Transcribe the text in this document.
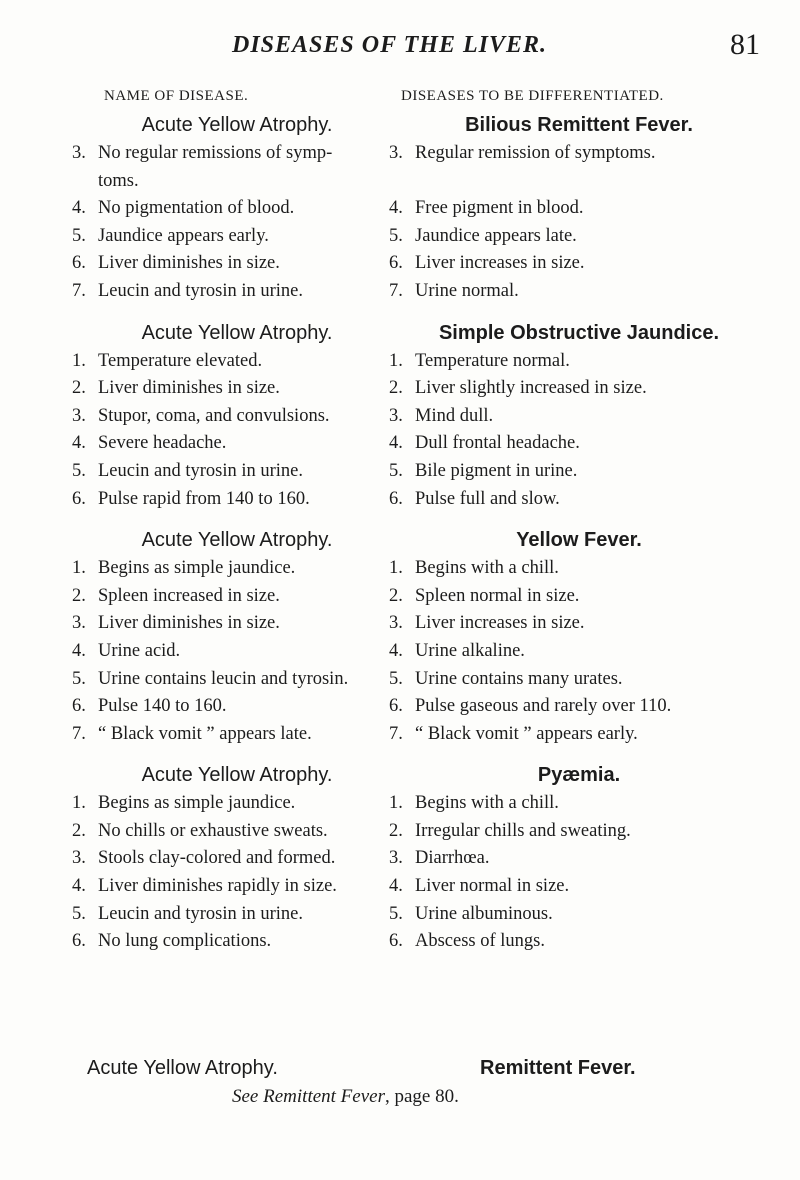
DISEASES OF THE LIVER.	81
NAME OF DISEASE.
Acute Yellow Atrophy.
3. No regular remissions of symp-
toms.
4. No pigmentation of blood.
5. Jaundice appears early.
6. Liver diminishes in size.
7. Leucin and tyrosin in urine.
Acute Yellow Atrophy.
1. Temperature elevated.
2. Liver diminishes in size.
3. Stupor, coma, and convulsions.
4. Severe headache.
5. Leucin and tyrosin in urine.
6. Pulse rapid from 140 to 160.
Acute Yellow Atrophy.
1. Begins as simple jaundice.
2. Spleen increased in size.
3. Liver diminishes in size.
4. Urine acid.
5. Urine contains leucin and tyrosin.
6. Pulse 140 to 160.
7. “ Black vomit ” appears late.
Acute Yellow Atrophy.
1. Begins as simple jaundice.
2. No chills or exhaustive sweats.
3. Stools clay-colored and formed.
4. Liver diminishes rapidly in size.
5. Leucin and tyrosin in urine.
6. No lung complications.
DISEASES TO BE DIFFERENTIATED.
Bilious Remittent Fever.
3. Regular remission of symptoms.

4. Free pigment in blood.
5. Jaundice appears late.
6. Liver increases in size.
7. Urine normal.
Simple Obstructive Jaundice.
1. Temperature normal.
2. Liver slightly increased in size.
3. Mind dull.
4. Dull frontal headache.
5. Bile pigment in urine.
6. Pulse full and slow.
Yellow Fever.
1. Begins with a chill.
2. Spleen normal in size.
3. Liver increases in size.
4. Urine alkaline.
5. Urine contains many urates.
6. Pulse gaseous and rarely over 110.
7. “ Black vomit ” appears early.
Pyæmia.
1. Begins with a chill.
2. Irregular chills and sweating.
3. Diarrhœa.
4. Liver normal in size.
5. Urine albuminous.
6. Abscess of lungs.
Acute Yellow Atrophy.	Remittent Fever.
See Remittent Fever, page 80.
